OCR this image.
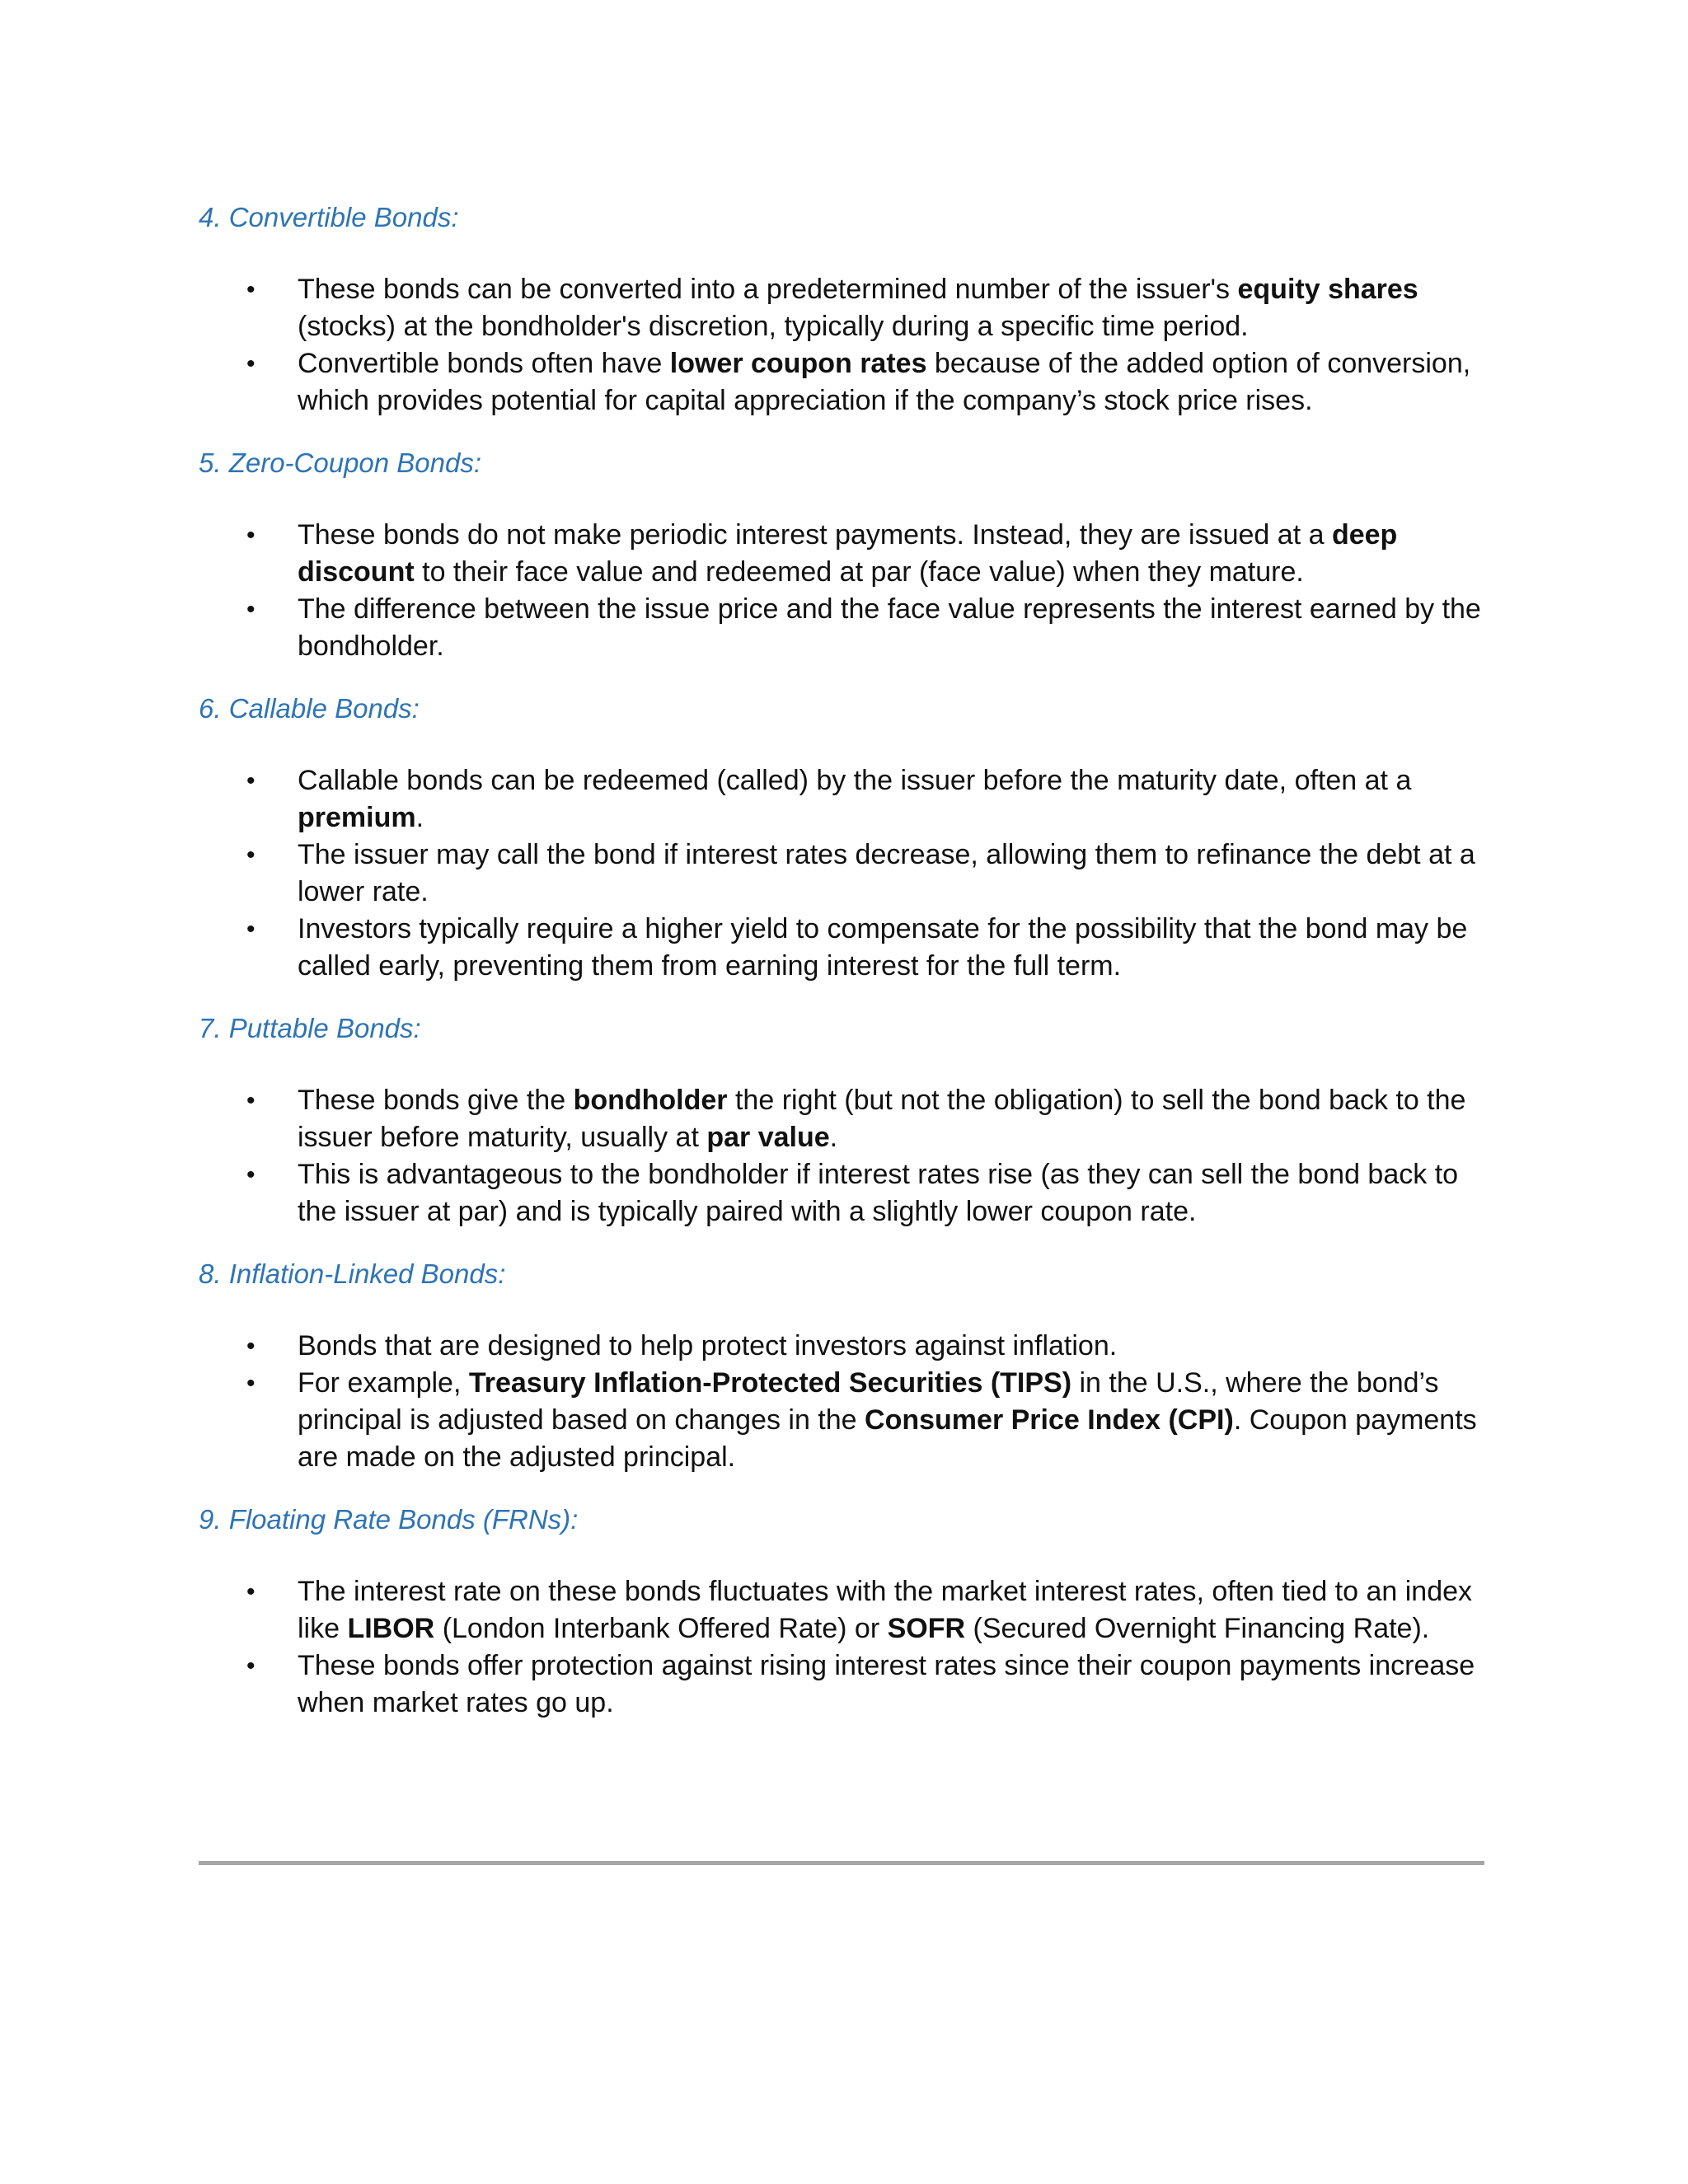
4. Convertible Bonds:
• These bonds can be converted into a predetermined number of the issuer's equity shares (stocks) at the bondholder's discretion, typically during a specific time period.
• Convertible bonds often have lower coupon rates because of the added option of conversion, which provides potential for capital appreciation if the company’s stock price rises.
5. Zero-Coupon Bonds:
• These bonds do not make periodic interest payments. Instead, they are issued at a deep discount to their face value and redeemed at par (face value) when they mature.
• The difference between the issue price and the face value represents the interest earned by the bondholder.
6. Callable Bonds:
• Callable bonds can be redeemed (called) by the issuer before the maturity date, often at a premium.
• The issuer may call the bond if interest rates decrease, allowing them to refinance the debt at a lower rate.
• Investors typically require a higher yield to compensate for the possibility that the bond may be called early, preventing them from earning interest for the full term.
7. Puttable Bonds:
• These bonds give the bondholder the right (but not the obligation) to sell the bond back to the issuer before maturity, usually at par value.
• This is advantageous to the bondholder if interest rates rise (as they can sell the bond back to the issuer at par) and is typically paired with a slightly lower coupon rate.
8. Inflation-Linked Bonds:
• Bonds that are designed to help protect investors against inflation.
• For example, Treasury Inflation-Protected Securities (TIPS) in the U.S., where the bond’s principal is adjusted based on changes in the Consumer Price Index (CPI). Coupon payments are made on the adjusted principal.
9. Floating Rate Bonds (FRNs):
• The interest rate on these bonds fluctuates with the market interest rates, often tied to an index like LIBOR (London Interbank Offered Rate) or SOFR (Secured Overnight Financing Rate).
• These bonds offer protection against rising interest rates since their coupon payments increase when market rates go up.
